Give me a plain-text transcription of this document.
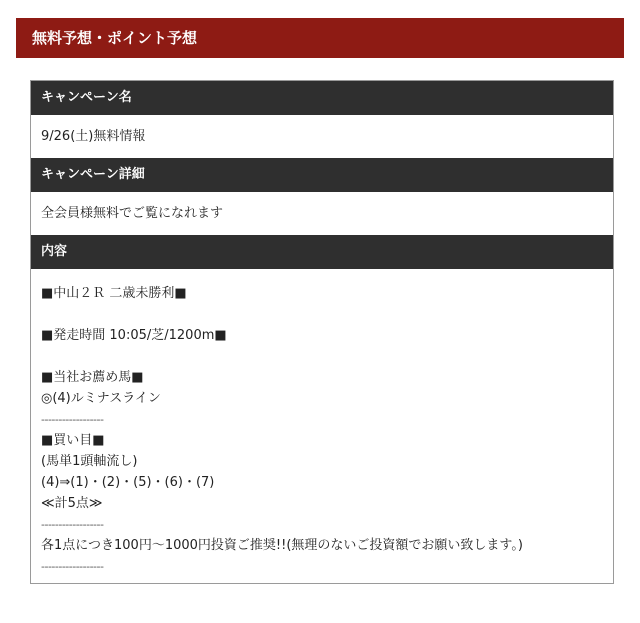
無料予想・ポイント予想
キャンペーン名
9/26(土)無料情報
キャンペーン詳細
全会員様無料でご覧になれます
内容
■中山２Ｒ 二歳未勝利■
■発走時間 10:05/芝/1200m■
■当社お薦め馬■
◎(4)ルミナスライン
------------------
■買い目■
(馬単1頭軸流し)
(4)⇒(1)・(2)・(5)・(6)・(7)
≪計5点≫
------------------
各1点につき100円〜1000円投資ご推奨!!(無理のないご投資額でお願い致します。)
------------------
